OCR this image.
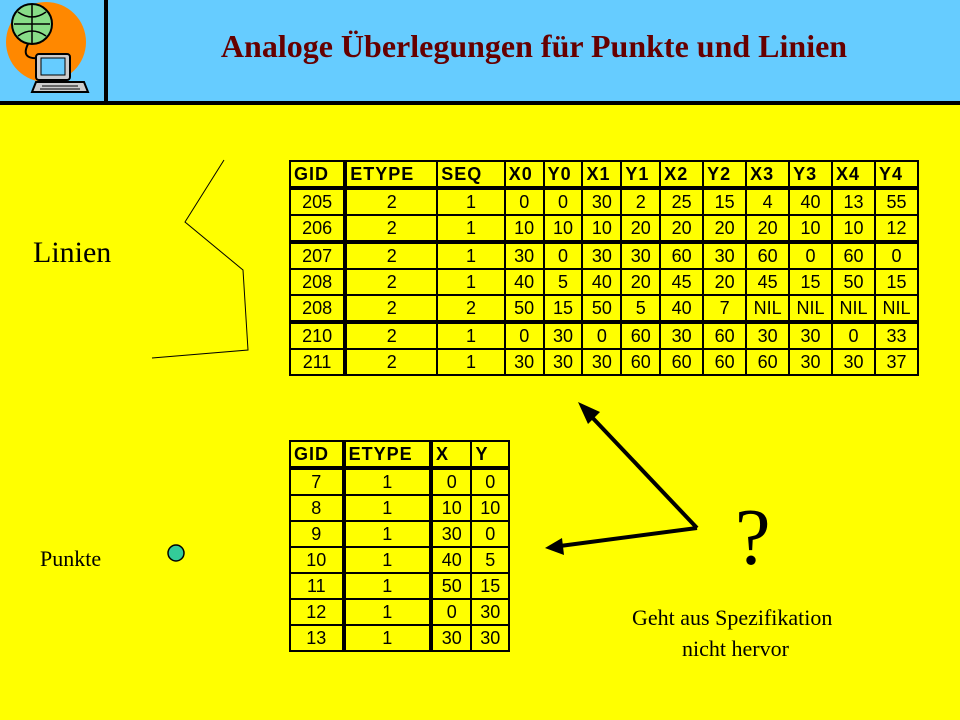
Analoge Überlegungen für Punkte und Linien
Linien
Punkte	?
Geht aus Spezifikation
nicht hervor
GID	ETYPE	SEQ	X0	Y0	X1	Y1	X2	Y2	X3	Y3	X4	Y4
205	2	1	0	0	30	2	25	15	4	40	13	55
206	2	1	10	10	10	20	20	20	20	10	10	12
207	2	1	30	0	30	30	60	30	60	0	60	0
208	2	1	40	5	40	20	45	20	45	15	50	15
208	2	2	50	15	50	5	40	7	NIL	NIL	NIL	NIL
210	2	1	0	30	0	60	30	60	30	30	0	33
211	2	1	30	30	30	60	60	60	60	30	30	37
GID	ETYPE	X	Y
7	1	0	0
8	1	10	10
9	1	30	0
10	1	40	5
11	1	50	15
12	1	0	30
13	1	30	30
